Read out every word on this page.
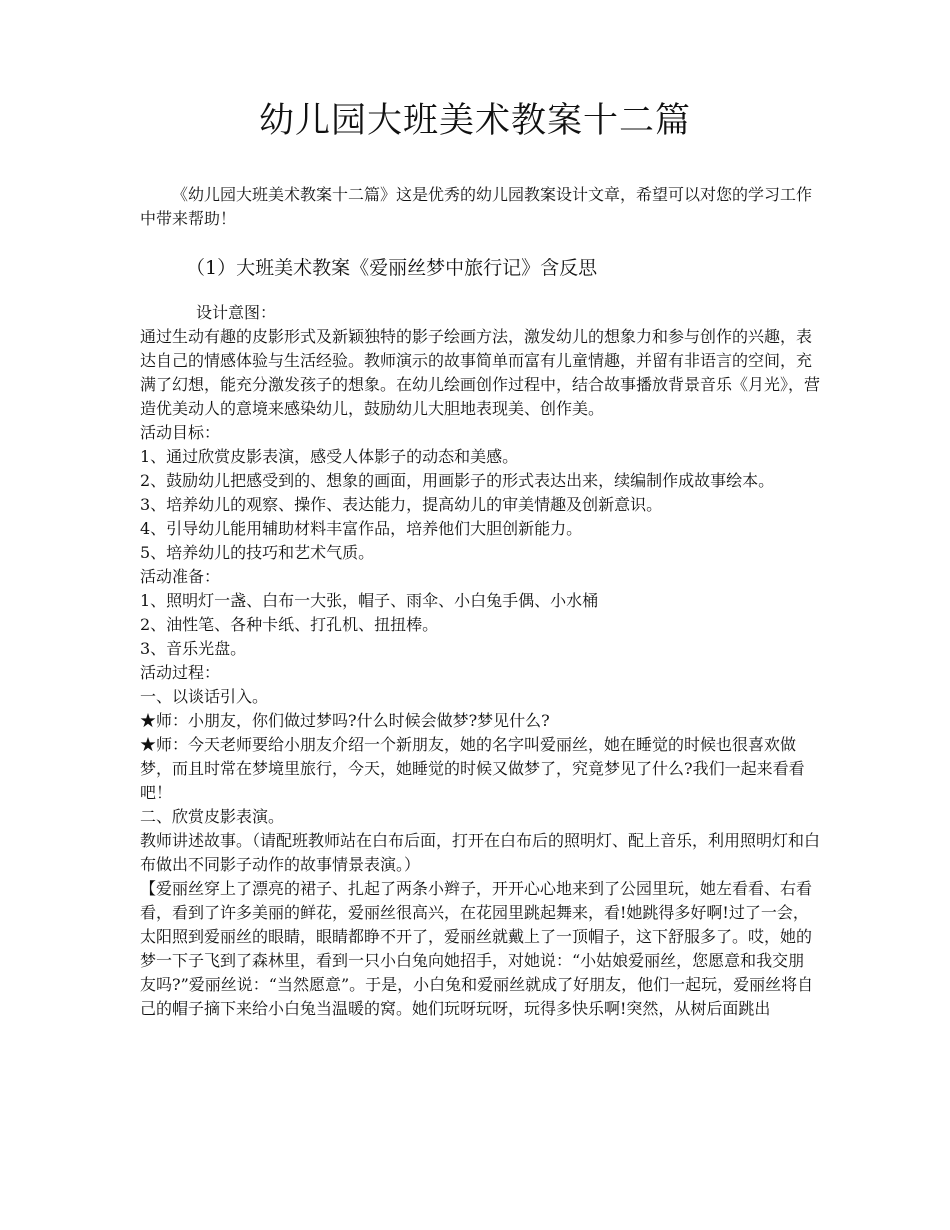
幼儿园大班美术教案十二篇

《幼儿园大班美术教案十二篇》这是优秀的幼儿园教案设计文章，希望可以对您的学习工作中带来帮助！

（1）大班美术教案《爱丽丝梦中旅行记》含反思

设计意图：

通过生动有趣的皮影形式及新颖独特的影子绘画方法，激发幼儿的想象力和参与创作的兴趣，表达自己的情感体验与生活经验。教师演示的故事简单而富有儿童情趣，并留有非语言的空间，充满了幻想，能充分激发孩子的想象。在幼儿绘画创作过程中，结合故事播放背景音乐《月光》，营造优美动人的意境来感染幼儿，鼓励幼儿大胆地表现美、创作美。

活动目标：

1、通过欣赏皮影表演，感受人体影子的动态和美感。

2、鼓励幼儿把感受到的、想象的画面，用画影子的形式表达出来，续编制作成故事绘本。

3、培养幼儿的观察、操作、表达能力，提高幼儿的审美情趣及创新意识。

4、引导幼儿能用辅助材料丰富作品，培养他们大胆创新能力。

5、培养幼儿的技巧和艺术气质。

活动准备：

1、照明灯一盏、白布一大张，帽子、雨伞、小白兔手偶、小水桶

2、油性笔、各种卡纸、打孔机、扭扭棒。

3、音乐光盘。

活动过程：

一、以谈话引入。

★师：小朋友，你们做过梦吗?什么时候会做梦?梦见什么?

★师：今天老师要给小朋友介绍一个新朋友，她的名字叫爱丽丝，她在睡觉的时候也很喜欢做梦，而且时常在梦境里旅行，今天，她睡觉的时候又做梦了，究竟梦见了什么?我们一起来看看吧！

二、欣赏皮影表演。

教师讲述故事。（请配班教师站在白布后面，打开在白布后的照明灯、配上音乐，利用照明灯和白布做出不同影子动作的故事情景表演。）

【爱丽丝穿上了漂亮的裙子、扎起了两条小辫子，开开心心地来到了公园里玩，她左看看、右看看，看到了许多美丽的鲜花，爱丽丝很高兴，在花园里跳起舞来，看!她跳得多好啊!过了一会，太阳照到爱丽丝的眼睛，眼睛都睁不开了，爱丽丝就戴上了一顶帽子，这下舒服多了。哎，她的梦一下子飞到了森林里，看到一只小白兔向她招手，对她说：“小姑娘爱丽丝，您愿意和我交朋友吗?”爱丽丝说：“当然愿意”。于是，小白兔和爱丽丝就成了好朋友，他们一起玩，爱丽丝将自己的帽子摘下来给小白兔当温暖的窝。她们玩呀玩呀，玩得多快乐啊!突然，从树后面跳出
